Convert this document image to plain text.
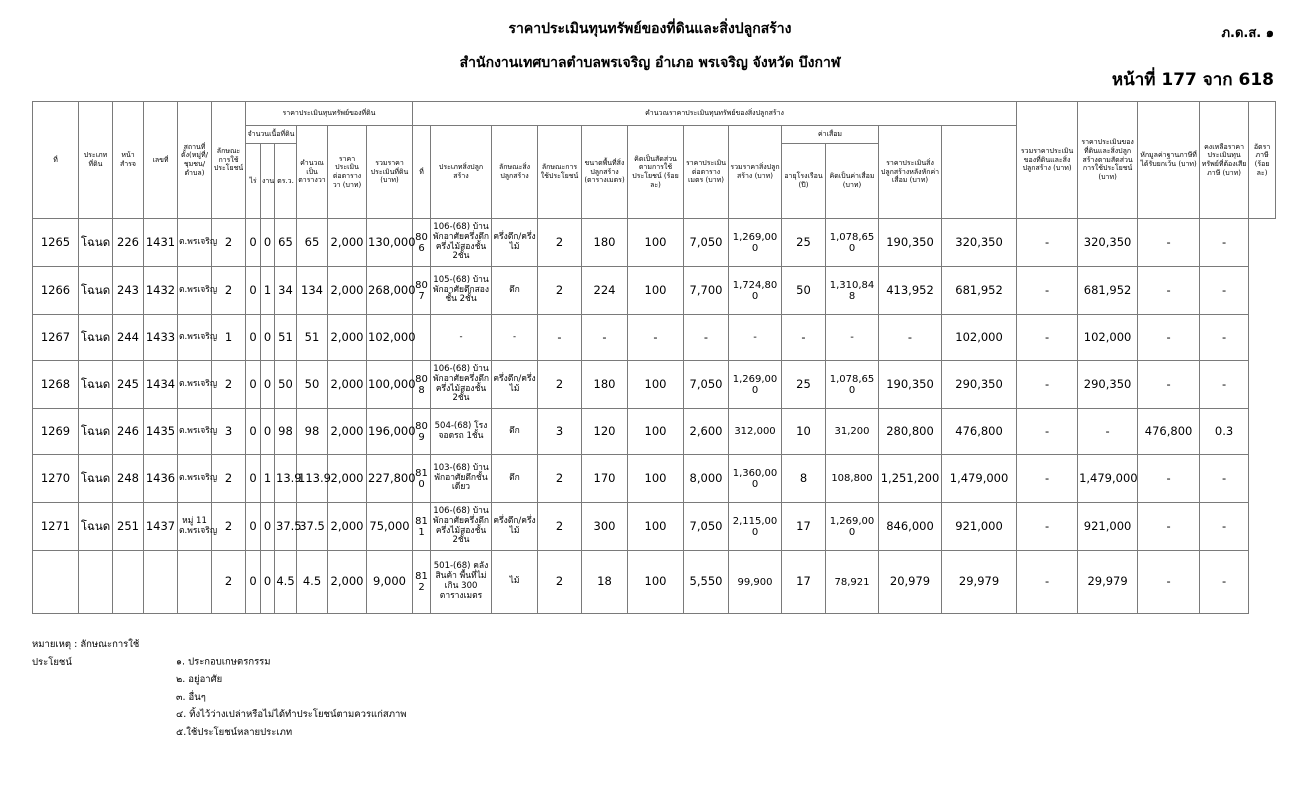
ราคาประเมินทุนทรัพย์ของที่ดินและสิ่งปลูกสร้าง
สำนักงานเทศบาลตำบลพรเจริญ อำเภอ พรเจริญ จังหวัด บึงกาฬ
ภ.ด.ส. ๑
หน้าที่ 177 จาก 618
ที่	ประเภทที่ดิน	หน้าสำรจ	เลขที่	สถานที่ตั้ง(หมู่ที่/ชุมชน/ตำบล)	ลักษณะการใช้ประโยชน์	ราคาประเมินทุนทรัพย์ของที่ดิน						คำนวณราคาประเมินทุนทรัพย์ของสิ่งปลูกสร้าง												รวมราคาประเมินของที่ดินและสิ่งปลูกสร้าง (บาท)	ราคาประเมินของที่ดินและสิ่งปลูกสร้างตามสัดส่วนการใช้ประโยชน์ (บาท)	หักมูลค่าฐานภาษีที่ได้รับยกเว้น (บาท)	คงเหลือราคาประเมินทุนทรัพย์ที่ต้องเสียภาษี (บาท)	อัตราภาษี (ร้อยละ)
						จำนวนเนื้อที่ดิน			คำนวณเป็นตารางวา	ราคาประเมินต่อตารางวา (บาท)	รวมราคาประเมินที่ดิน (บาท)	ที่	ประเภทสิ่งปลูกสร้าง	ลักษณะสิ่งปลูกสร้าง	ลักษณะการใช้ประโยชน์	ขนาดพื้นที่สิ่งปลูกสร้าง (ตารางเมตร)	คิดเป็นสัดส่วนตามการใช้ประโยชน์ (ร้อยละ)	ราคาประเมินต่อตารางเมตร (บาท)	รวมราคาสิ่งปลูกสร้าง (บาท)	ค่าเสื่อม		ราคาประเมินสิ่งปลูกสร้างหลังหักค่าเสื่อม (บาท)						
						ไร่	งาน	ตร.ว.												อายุโรงเรือน (ปี)	คิดเป็นค่าเสื่อม (บาท)							

1265	โฉนด	226	1431	ต.พรเจริญ	2	0	0	65	65	2,000	130,000	806	106-(68) บ้านพักอาศัยครึ่งตึกครึ่งไม้สองชั้น 2ชั้น	ครึ่งตึก/ครึ่งไม้	2	180	100	7,050	1,269,000	25	1,078,650	190,350	320,350	-	320,350	-	-	
1266	โฉนด	243	1432	ต.พรเจริญ	2	0	1	34	134	2,000	268,000	807	105-(68) บ้านพักอาศัยตึกสองชั้น 2ชั้น	ตึก	2	224	100	7,700	1,724,800	50	1,310,848	413,952	681,952	-	681,952	-	-	
1267	โฉนด	244	1433	ต.พรเจริญ	1	0	0	51	51	2,000	102,000		-	-	-	-	-	-	-	-	-	-	102,000	-	102,000	-	-	
1268	โฉนด	245	1434	ต.พรเจริญ	2	0	0	50	50	2,000	100,000	808	106-(68) บ้านพักอาศัยครึ่งตึกครึ่งไม้สองชั้น 2ชั้น	ครึ่งตึก/ครึ่งไม้	2	180	100	7,050	1,269,000	25	1,078,650	190,350	290,350	-	290,350	-	-	
1269	โฉนด	246	1435	ต.พรเจริญ	3	0	0	98	98	2,000	196,000	809	504-(68) โรงจอดรถ 1ชั้น	ตึก	3	120	100	2,600	312,000	10	31,200	280,800	476,800	-	-	476,800	0.3	
1270	โฉนด	248	1436	ต.พรเจริญ	2	0	1	13.9	113.9	2,000	227,800	810	103-(68) บ้านพักอาศัยตึกชั้นเดียว	ตึก	2	170	100	8,000	1,360,000	8	108,800	1,251,200	1,479,000	-	1,479,000	-	-	
1271	โฉนด	251	1437	หมู่ 11 ต.พรเจริญ	2	0	0	37.5	37.5	2,000	75,000	811	106-(68) บ้านพักอาศัยครึ่งตึกครึ่งไม้สองชั้น 2ชั้น	ครึ่งตึก/ครึ่งไม้	2	300	100	7,050	2,115,000	17	1,269,000	846,000	921,000	-	921,000	-	-	
					2	0	0	4.5	4.5	2,000	9,000	812	501-(68) คลังสินค้า พื้นที่ไม่เกิน 300 ตารางเมตร	ไม้	2	18	100	5,550	99,900	17	78,921	20,979	29,979	-	29,979	-	-	
หมายเหตุ : ลักษณะการใช้ประโยชน์	๑. ประกอบเกษตรกรรม
๒. อยู่อาศัย
๓. อื่นๆ
๔. ทิ้งไว้ว่างเปล่าหรือไม่ได้ทำประโยชน์ตามควรแก่สภาพ
๕.ใช้ประโยชน์หลายประเภท
